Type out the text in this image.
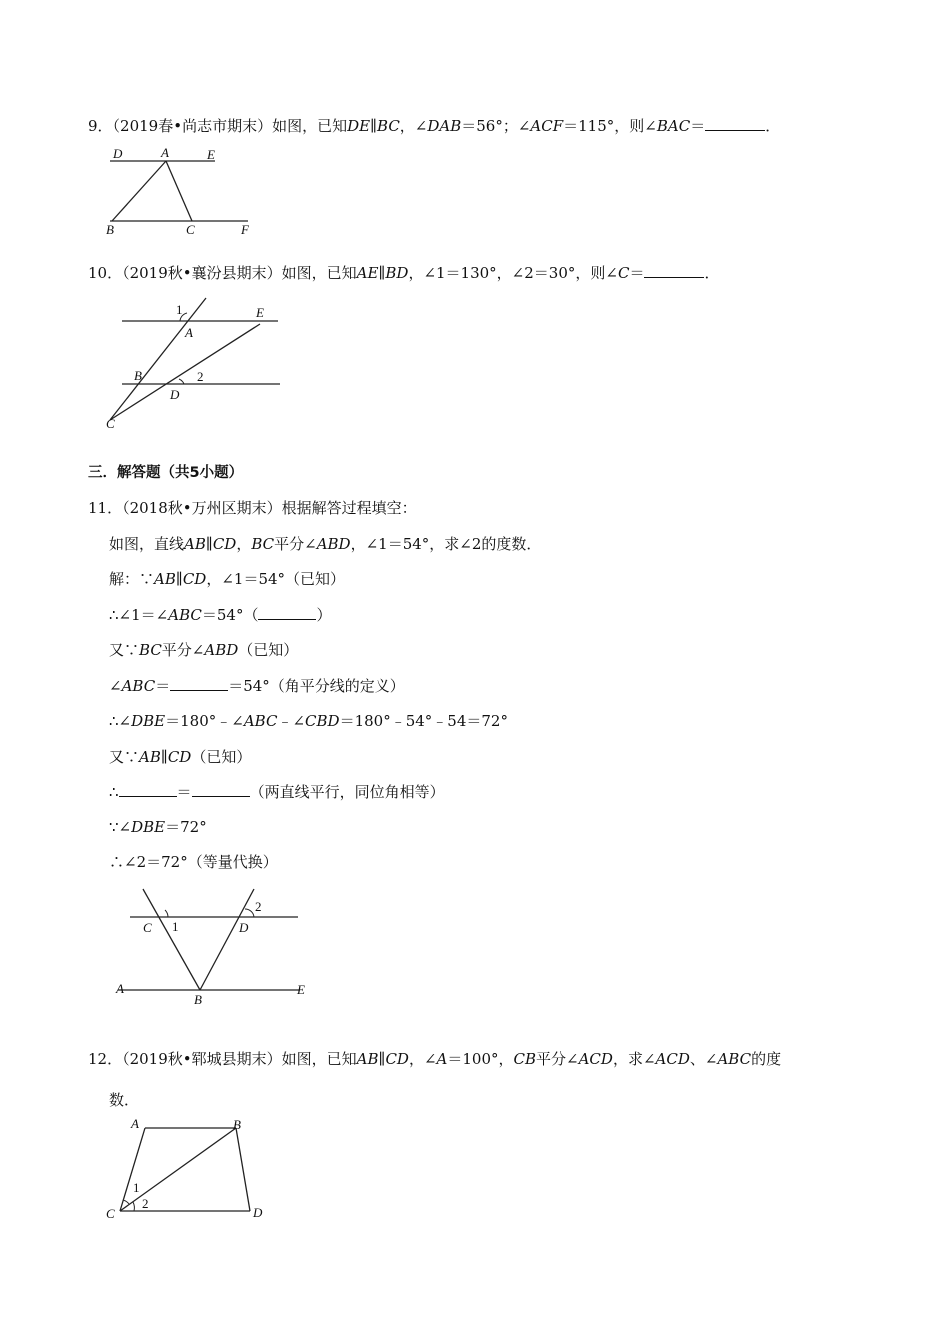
9．（2019春•尚志市期末）如图，已知DE∥BC，∠DAB＝56°；∠ACF＝115°，则∠BAC＝	．
D	A	E
B	C	F
10．（2019秋•襄汾县期末）如图，已知AE∥BD，∠1＝130°，∠2＝30°，则∠C＝	．
1
A
E
B	2
D
C
三．解答题（共5小题）
11．（2018秋•万州区期末）根据解答过程填空：
如图，直线AB∥CD，BC平分∠ABD，∠1＝54°，求∠2的度数．
解：∵AB∥CD，∠1＝54°（已知）
∴∠1＝∠ABC＝54°（	）
又∵BC平分∠ABD（已知）
∠ABC＝	＝54°（角平分线的定义）
∴∠DBE＝180°﹣∠ABC﹣∠CBD＝180°﹣54°﹣54＝72°
又∵AB∥CD（已知）
∴	＝	（两直线平行，同位角相等）
∵∠DBE＝72°
∴∠2＝72°（等量代换）
C 1	D
2
A
B
E
12．（2019秋•郓城县期末）如图，已知AB∥CD，∠A＝100°，CB平分∠ACD，求∠ACD、∠ABC的度
数．
A	B
1
2
C	D
